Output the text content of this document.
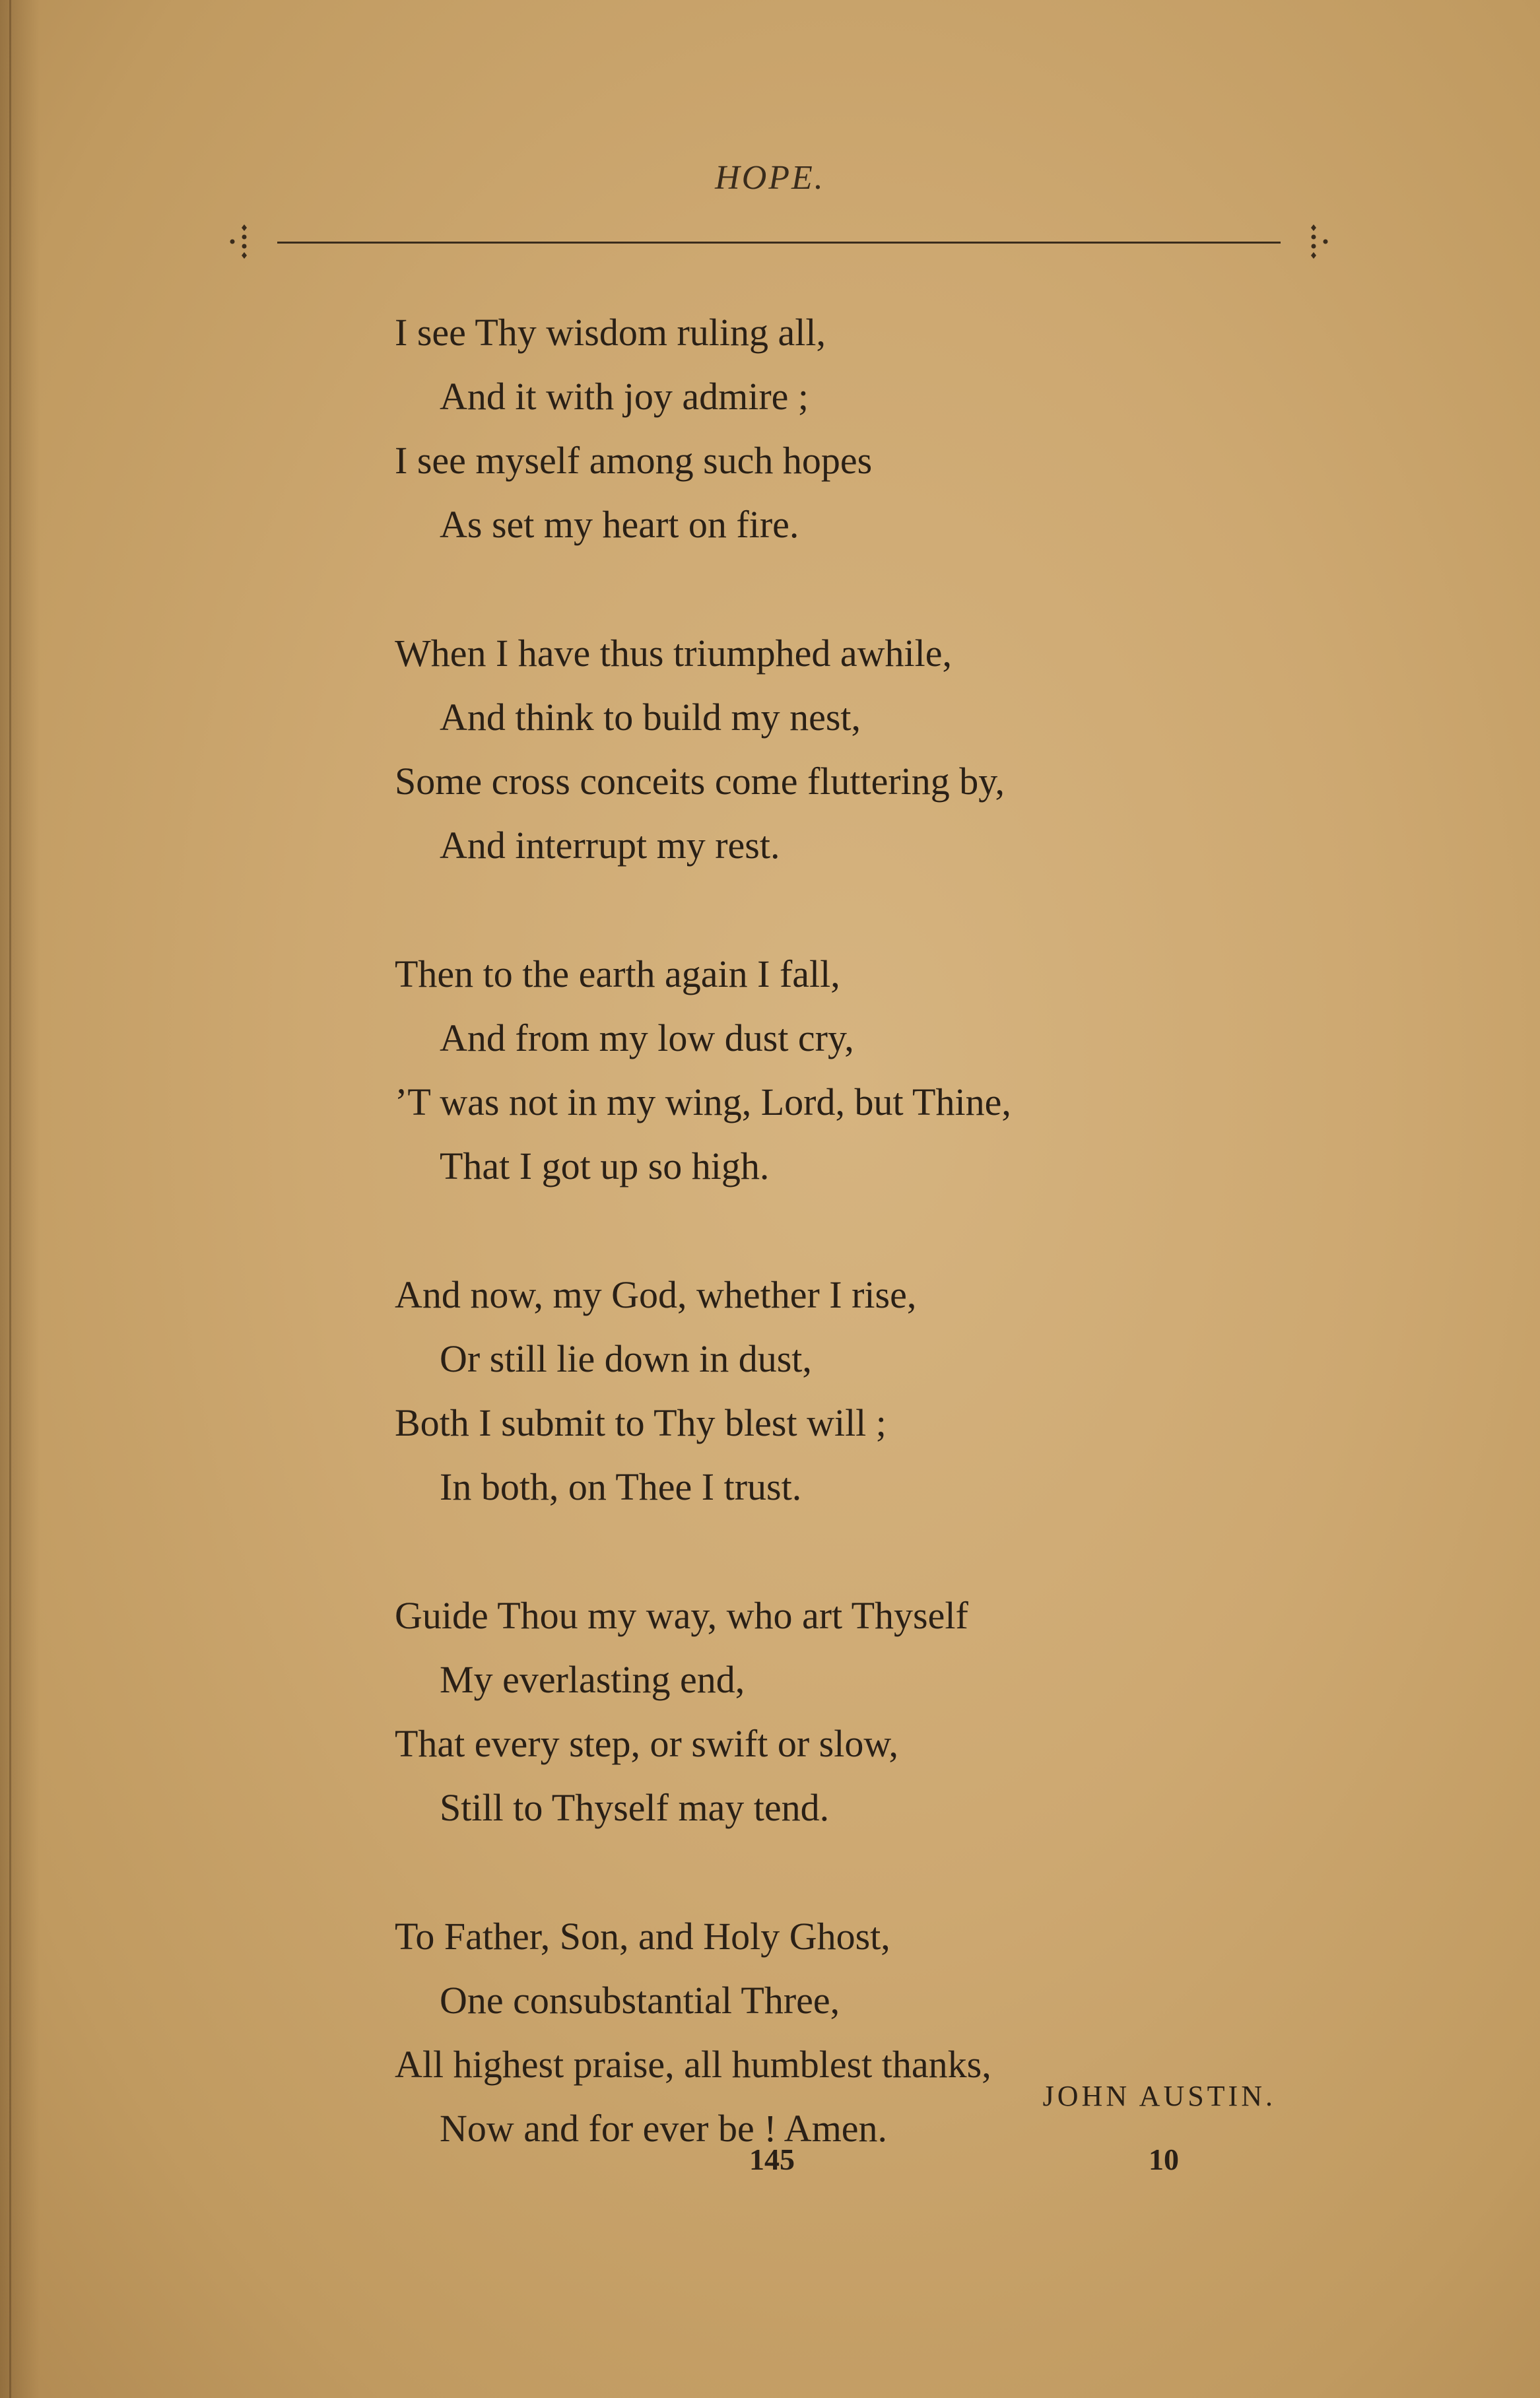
HOPE.
I see Thy wisdom ruling all,
And it with joy admire ;
I see myself among such hopes
As set my heart on fire.
When I have thus triumphed awhile,
And think to build my nest,
Some cross conceits come fluttering by,
And interrupt my rest.
Then to the earth again I fall,
And from my low dust cry,
’T was not in my wing, Lord, but Thine,
That I got up so high.
And now, my God, whether I rise,
Or still lie down in dust,
Both I submit to Thy blest will ;
In both, on Thee I trust.
Guide Thou my way, who art Thyself
My everlasting end,
That every step, or swift or slow,
Still to Thyself may tend.
To Father, Son, and Holy Ghost,
One consubstantial Three,
All highest praise, all humblest thanks,
Now and for ever be ! Amen.
JOHN AUSTIN.
145	10
